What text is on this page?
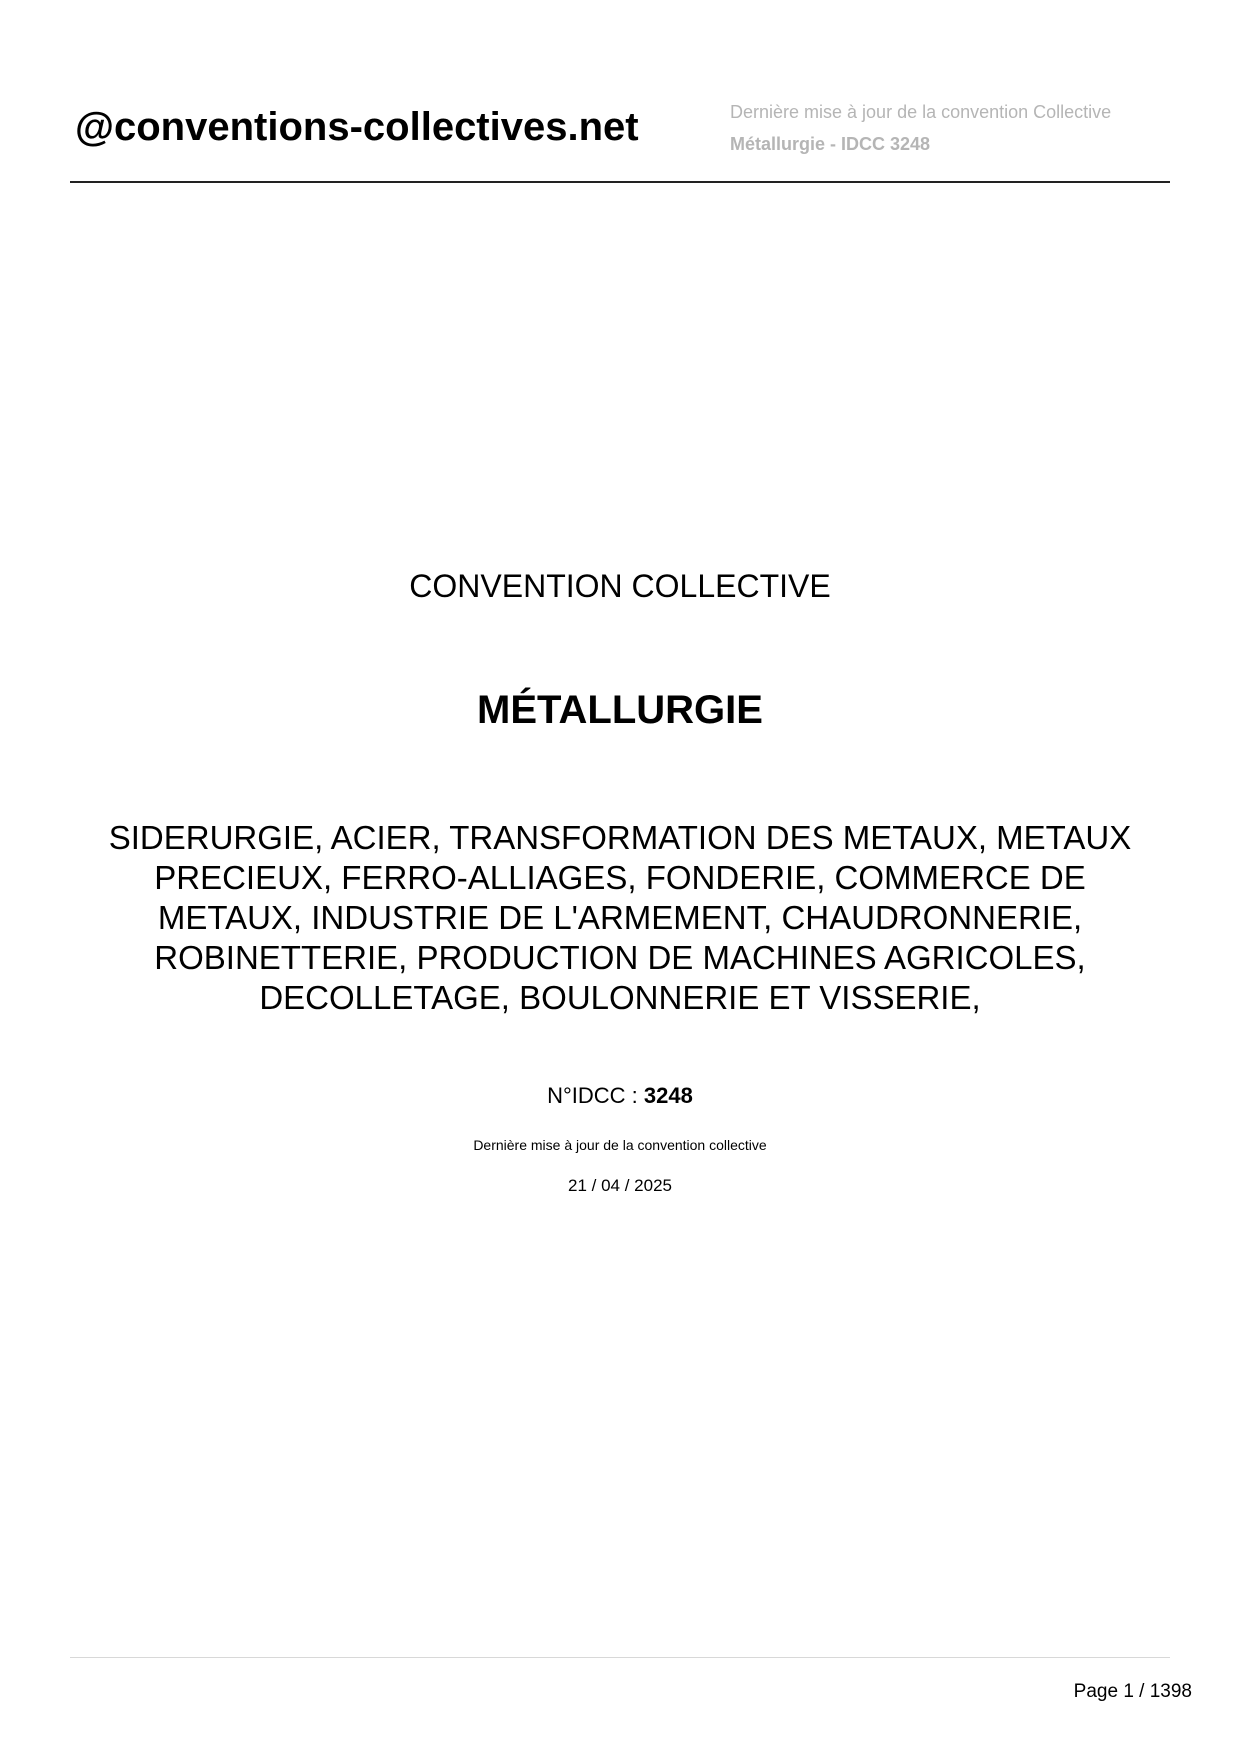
@conventions-collectives.net	Dernière mise à jour de la convention Collective
Métallurgie - IDCC 3248
CONVENTION COLLECTIVE
MÉTALLURGIE
SIDERURGIE, ACIER, TRANSFORMATION DES METAUX, METAUX
PRECIEUX, FERRO-ALLIAGES, FONDERIE, COMMERCE DE
METAUX, INDUSTRIE DE L'ARMEMENT, CHAUDRONNERIE,
ROBINETTERIE, PRODUCTION DE MACHINES AGRICOLES,
DECOLLETAGE, BOULONNERIE ET VISSERIE,
N°IDCC : 3248
Dernière mise à jour de la convention collective
21 / 04 / 2025
Page 1 / 1398
